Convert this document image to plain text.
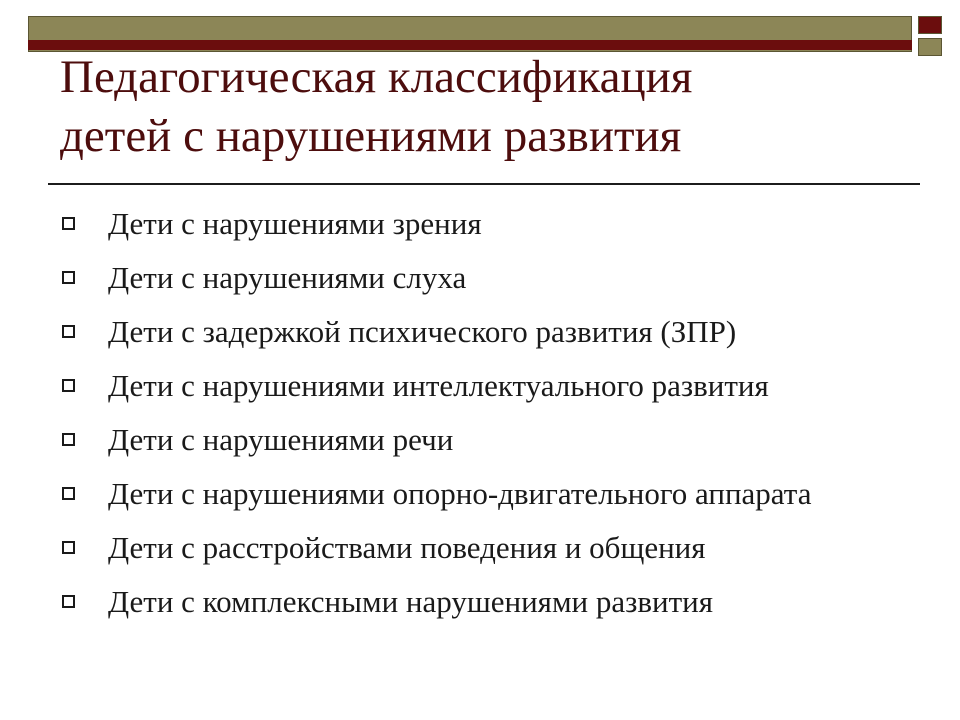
Педагогическая классификация
детей с нарушениями развития
Дети с нарушениями зрения
Дети с нарушениями слуха
Дети с задержкой психического развития (ЗПР)
Дети с нарушениями интеллектуального развития
Дети с нарушениями речи
Дети с нарушениями опорно-двигательного аппарата
Дети с расстройствами поведения и общения
Дети с комплексными нарушениями развития
